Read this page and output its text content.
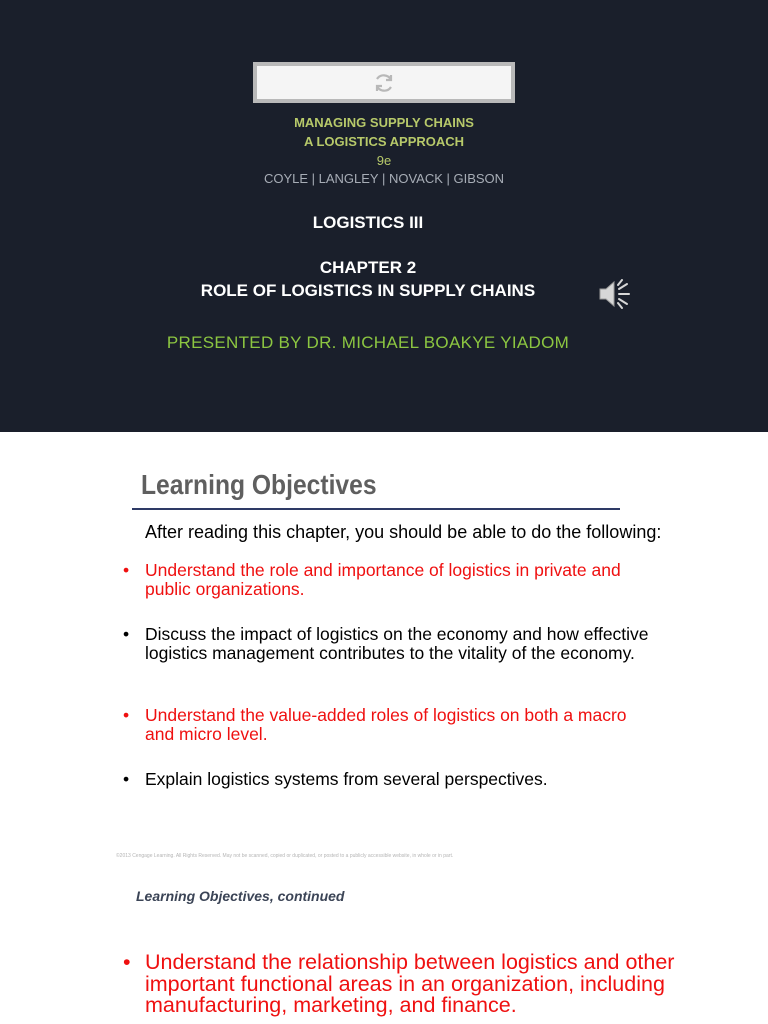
MANAGING SUPPLY CHAINS
A LOGISTICS APPROACH
9e
COYLE | LANGLEY | NOVACK | GIBSON
LOGISTICS III
CHAPTER 2
ROLE OF LOGISTICS IN SUPPLY CHAINS
PRESENTED BY DR. MICHAEL BOAKYE YIADOM
Learning Objectives
After reading this chapter, you should be able to do the following:
• Understand the role and importance of logistics in private and public organizations.
• Discuss the impact of logistics on the economy and how effective logistics management contributes to the vitality of the economy.
• Understand the value-added roles of logistics on both a macro and micro level.
• Explain logistics systems from several perspectives.
©2013 Cengage Learning. All Rights Reserved. May not be scanned, copied or duplicated, or posted to a publicly accessible website, in whole or in part.
Learning Objectives, continued
• Understand the relationship between logistics and other important functional areas in an organization, including manufacturing, marketing, and finance.
